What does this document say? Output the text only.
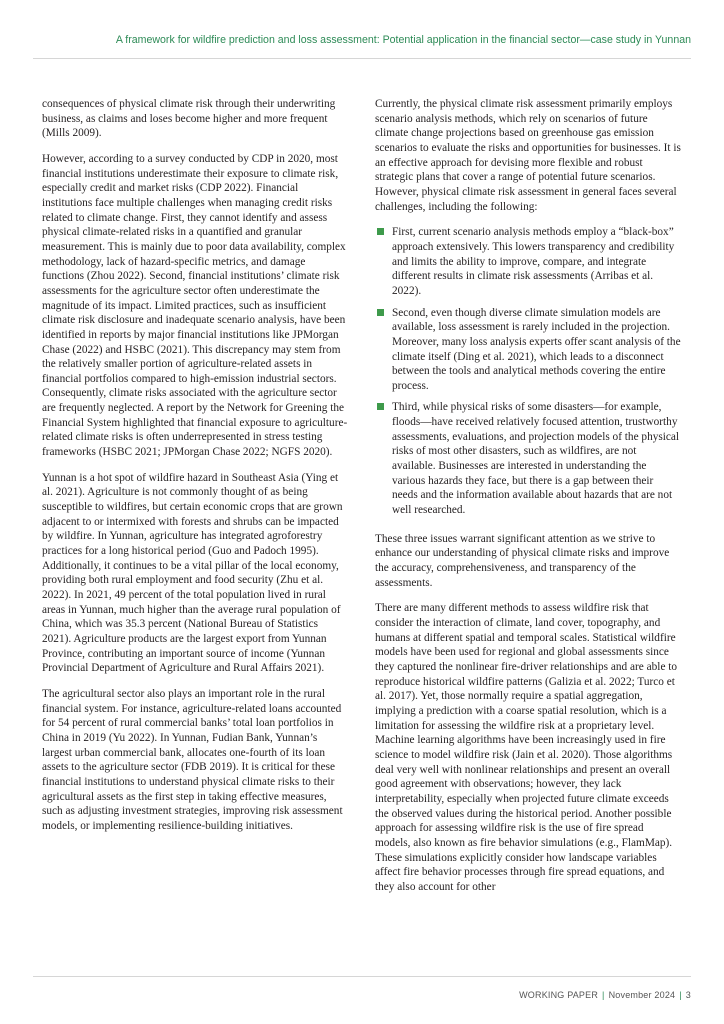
A framework for wildfire prediction and loss assessment: Potential application in the financial sector—case study in Yunnan

consequences of physical climate risk through their underwriting business, as claims and loses become higher and more frequent (Mills 2009).

However, according to a survey conducted by CDP in 2020, most financial institutions underestimate their exposure to climate risk, especially credit and market risks (CDP 2022). Financial institutions face multiple challenges when managing credit risks related to climate change. First, they cannot identify and assess physical climate-related risks in a quantified and granular measurement. This is mainly due to poor data availability, complex methodology, lack of hazard-specific metrics, and damage functions (Zhou 2022). Second, financial institutions’ climate risk assessments for the agriculture sector often underestimate the magnitude of its impact. Limited practices, such as insufficient climate risk disclosure and inadequate scenario analysis, have been identified in reports by major financial institutions like JPMorgan Chase (2022) and HSBC (2021). This discrepancy may stem from the relatively smaller portion of agriculture-related assets in financial portfolios compared to high-emission industrial sectors. Consequently, climate risks associated with the agriculture sector are frequently neglected. A report by the Network for Greening the Financial System highlighted that financial exposure to agriculture-related climate risks is often underrepresented in stress testing frameworks (HSBC 2021; JPMorgan Chase 2022; NGFS 2020).

Yunnan is a hot spot of wildfire hazard in Southeast Asia (Ying et al. 2021). Agriculture is not commonly thought of as being susceptible to wildfires, but certain economic crops that are grown adjacent to or intermixed with forests and shrubs can be impacted by wildfire. In Yunnan, agriculture has integrated agroforestry practices for a long historical period (Guo and Padoch 1995). Additionally, it continues to be a vital pillar of the local economy, providing both rural employment and food security (Zhu et al. 2022). In 2021, 49 percent of the total population lived in rural areas in Yunnan, much higher than the average rural population of China, which was 35.3 percent (National Bureau of Statistics 2021). Agriculture products are the largest export from Yunnan Province, contributing an important source of income (Yunnan Provincial Department of Agriculture and Rural Affairs 2021).

The agricultural sector also plays an important role in the rural financial system. For instance, agriculture-related loans accounted for 54 percent of rural commercial banks’ total loan portfolios in China in 2019 (Yu 2022). In Yunnan, Fudian Bank, Yunnan’s largest urban commercial bank, allocates one-fourth of its loan assets to the agriculture sector (FDB 2019). It is critical for these financial institutions to understand physical climate risks to their agricultural assets as the first step in taking effective measures, such as adjusting investment strategies, improving risk assessment models, or implementing resilience-building initiatives.

Currently, the physical climate risk assessment primarily employs scenario analysis methods, which rely on scenarios of future climate change projections based on greenhouse gas emission scenarios to evaluate the risks and opportunities for businesses. It is an effective approach for devising more flexible and robust strategic plans that cover a range of potential future scenarios. However, physical climate risk assessment in general faces several challenges, including the following:

First, current scenario analysis methods employ a “black-box” approach extensively. This lowers transparency and credibility and limits the ability to improve, compare, and integrate different results in climate risk assessments (Arribas et al. 2022).
Second, even though diverse climate simulation models are available, loss assessment is rarely included in the projection. Moreover, many loss analysis experts offer scant analysis of the climate itself (Ding et al. 2021), which leads to a disconnect between the tools and analytical methods covering the entire process.
Third, while physical risks of some disasters—for example, floods—have received relatively focused attention, trustworthy assessments, evaluations, and projection models of the physical risks of most other disasters, such as wildfires, are not available. Businesses are interested in understanding the various hazards they face, but there is a gap between their needs and the information available about hazards that are not well researched.

These three issues warrant significant attention as we strive to enhance our understanding of physical climate risks and improve the accuracy, comprehensiveness, and transparency of the assessments.

There are many different methods to assess wildfire risk that consider the interaction of climate, land cover, topography, and humans at different spatial and temporal scales. Statistical wildfire models have been used for regional and global assessments since they captured the nonlinear fire-driver relationships and are able to reproduce historical wildfire patterns (Galizia et al. 2022; Turco et al. 2017). Yet, those normally require a spatial aggregation, implying a prediction with a coarse spatial resolution, which is a limitation for assessing the wildfire risk at a proprietary level. Machine learning algorithms have been increasingly used in fire science to model wildfire risk (Jain et al. 2020). Those algorithms deal very well with nonlinear relationships and present an overall good agreement with observations; however, they lack interpretability, especially when projected future climate exceeds the observed values during the historical period. Another possible approach for assessing wildfire risk is the use of fire spread models, also known as fire behavior simulations (e.g., FlamMap). These simulations explicitly consider how landscape variables affect fire behavior processes through fire spread equations, and they also account for other

WORKING PAPER | November 2024 | 3
